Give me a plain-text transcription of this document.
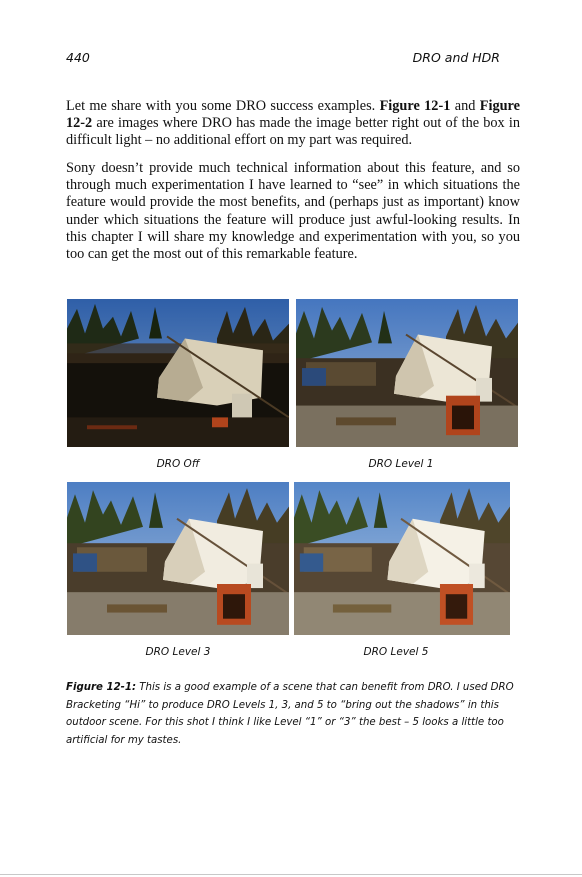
440	DRO and HDR

Let me share with you some DRO success examples. Figure 12-1 and Figure 12-2 are images where DRO has made the image better right out of the box in difficult light – no additional effort on my part was required.

Sony doesn’t provide much technical information about this feature, and so through much experimentation I have learned to “see” in which situations the feature would provide the most benefits, and (perhaps just as important) know under which situations the feature will produce just awful-looking results. In this chapter I will share my knowledge and experimentation with you, so you too can get the most out of this remarkable feature.

DRO Off	DRO Level 1
DRO Level 3	DRO Level 5

Figure 12-1: This is a good example of a scene that can benefit from DRO. I used DRO Bracketing “Hi” to produce DRO Levels 1, 3, and 5 to “bring out the shadows” in this outdoor scene. For this shot I think I like Level “1” or “3” the best – 5 looks a little too artificial for my tastes.
